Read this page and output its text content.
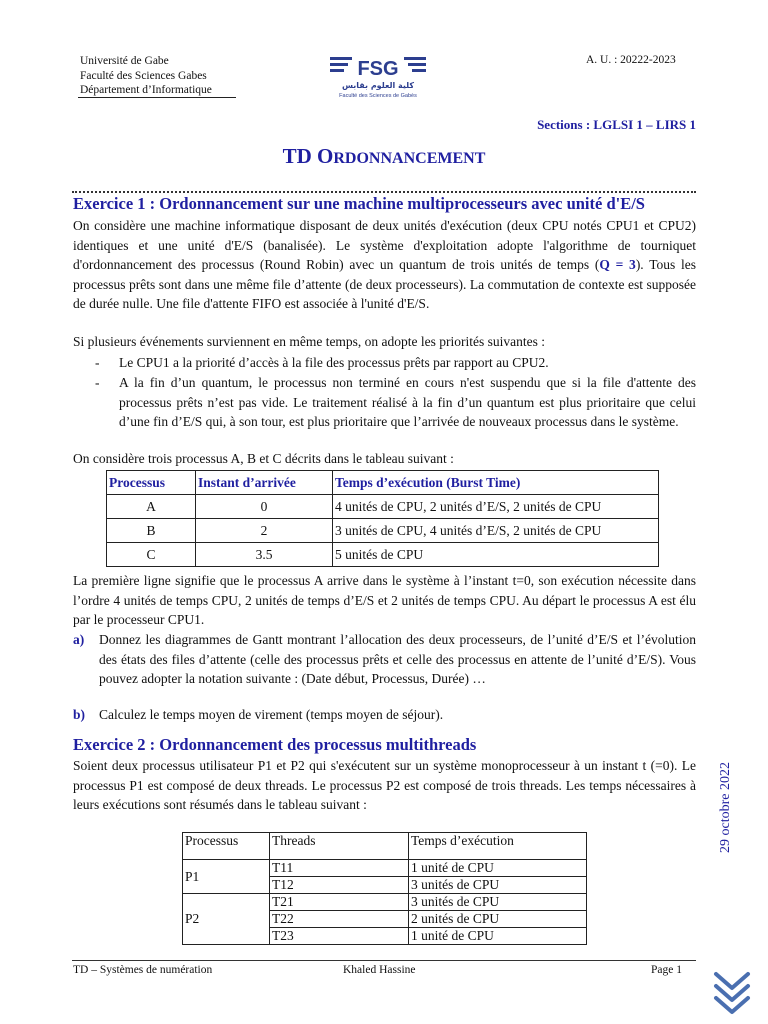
Université de Gabe
Faculté des Sciences Gabes
Département d’Informatique
FSG
كلية العلوم بقابس
Faculté des Sciences de Gabès
A. U. : 20222-2023
Sections : LGLSI 1 – LIRS 1
TD ORDONNANCEMENT
Exercice 1 : Ordonnancement sur une machine multiprocesseurs avec unité d'E/S
On considère une machine informatique disposant de deux unités d'exécution (deux CPU notés CPU1 et CPU2) identiques et une unité d'E/S (banalisée). Le système d'exploitation adopte l'algorithme de tourniquet d'ordonnancement des processus (Round Robin) avec un quantum de trois unités de temps (Q = 3). Tous les processus prêts sont dans une même file d’attente (de deux processeurs). La commutation de contexte est supposée de durée nulle. Une file d'attente FIFO est associée à l'unité d'E/S.
Si plusieurs événements surviennent en même temps, on adopte les priorités suivantes :
- Le CPU1 a la priorité d’accès à la file des processus prêts par rapport au CPU2.
- A la fin d’un quantum, le processus non terminé en cours n'est suspendu que si la file d'attente des processus prêts n’est pas vide. Le traitement réalisé à la fin d’un quantum est plus prioritaire que celui d’une fin d’E/S qui, à son tour, est plus prioritaire que l’arrivée de nouveaux processus dans le système.
On considère trois processus A, B et C décrits dans le tableau suivant :
Processus	Instant d’arrivée	Temps d’exécution (Burst Time)
A	0	4 unités de CPU, 2 unités d’E/S, 2 unités de CPU
B	2	3 unités de CPU, 4 unités d’E/S, 2 unités de CPU
C	3.5	5 unités de CPU
La première ligne signifie que le processus A arrive dans le système à l’instant t=0, son exécution nécessite dans l’ordre 4 unités de temps CPU, 2 unités de temps d’E/S et 2 unités de temps CPU. Au départ le processus A est élu par le processeur CPU1.
a) Donnez les diagrammes de Gantt montrant l’allocation des deux processeurs, de l’unité d’E/S et l’évolution des états des files d’attente (celle des processus prêts et celle des processus en attente de l’unité d’E/S). Vous pouvez adopter la notation suivante : (Date début, Processus, Durée) …
b) Calculez le temps moyen de virement (temps moyen de séjour).
Exercice 2 : Ordonnancement des processus multithreads
Soient deux processus utilisateur P1 et P2 qui s'exécutent sur un système monoprocesseur à un instant t (=0). Le processus P1 est composé de deux threads. Le processus P2 est composé de trois threads. Les temps nécessaires à leurs exécutions sont résumés dans le tableau suivant :
Processus	Threads	Temps d’exécution
P1	T11	1 unité de CPU
	T12	3 unités de CPU
P2	T21	3 unités de CPU
	T22	2 unités de CPU
	T23	1 unité de CPU
29 octobre 2022
TD – Systèmes de numération	Khaled Hassine	Page 1
